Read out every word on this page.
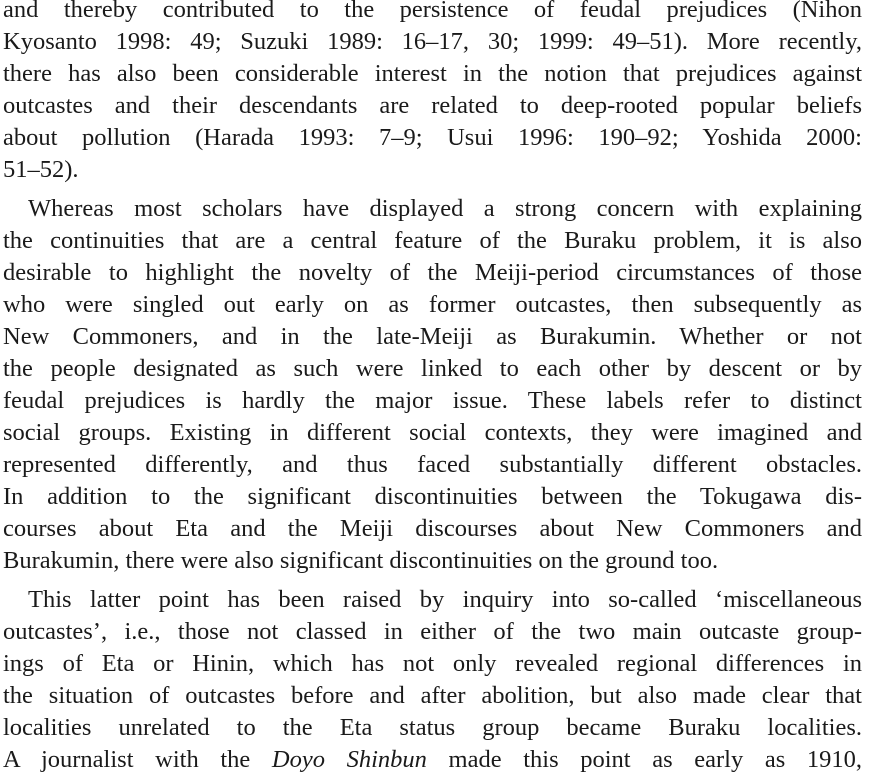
and thereby contributed to the persistence of feudal prejudices (Nihon
Kyosanto 1998: 49; Suzuki 1989: 16–17, 30; 1999: 49–51). More recently,
there has also been considerable interest in the notion that prejudices against
outcastes and their descendants are related to deep-rooted popular beliefs
about pollution (Harada 1993: 7–9; Usui 1996: 190–92; Yoshida 2000:
51–52).
Whereas most scholars have displayed a strong concern with explaining
the continuities that are a central feature of the Buraku problem, it is also
desirable to highlight the novelty of the Meiji-period circumstances of those
who were singled out early on as former outcastes, then subsequently as
New Commoners, and in the late-Meiji as Burakumin. Whether or not
the people designated as such were linked to each other by descent or by
feudal prejudices is hardly the major issue. These labels refer to distinct
social groups. Existing in different social contexts, they were imagined and
represented differently, and thus faced substantially different obstacles.
In addition to the significant discontinuities between the Tokugawa dis-
courses about Eta and the Meiji discourses about New Commoners and
Burakumin, there were also significant discontinuities on the ground too.
This latter point has been raised by inquiry into so-called ‘miscellaneous
outcastes’, i.e., those not classed in either of the two main outcaste group-
ings of Eta or Hinin, which has not only revealed regional differences in
the situation of outcastes before and after abolition, but also made clear that
localities unrelated to the Eta status group became Buraku localities.
A journalist with the Doyo Shinbun made this point as early as 1910,
